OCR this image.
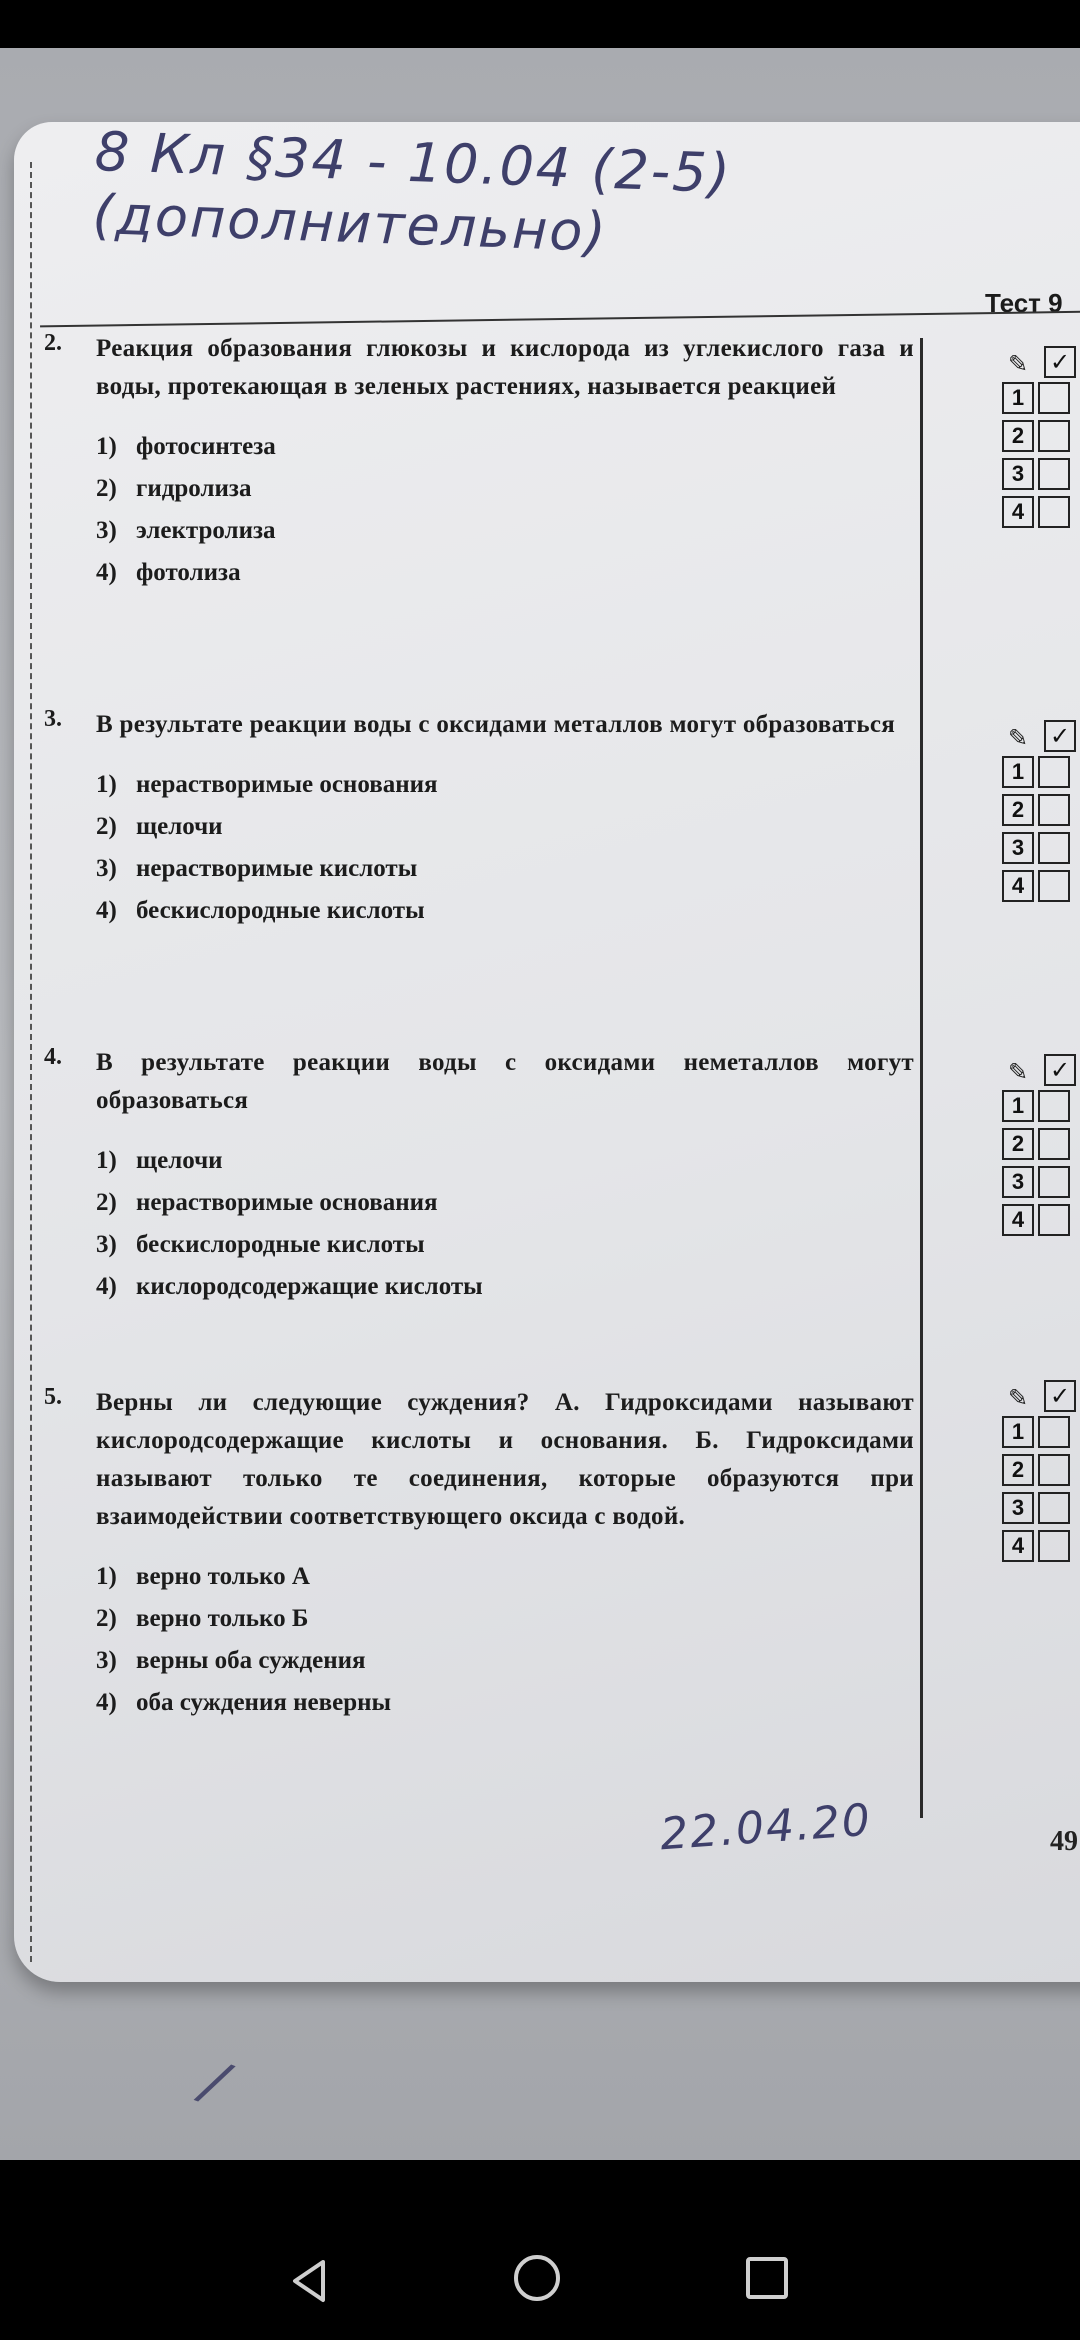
8 Кл §34 - 10.04 (2-5) (дополнительно)
Тест 9
2. Реакция образования глюкозы и кислорода из углекислого газа и воды, протекающая в зеленых растениях, называется реакцией
1) фотосинтеза
2) гидролиза
3) электролиза
4) фотолиза
3. В результате реакции воды с оксидами металлов могут образоваться
1) нерастворимые основания
2) щелочи
3) нерастворимые кислоты
4) бескислородные кислоты
4. В результате реакции воды с оксидами неметаллов могут образоваться
1) щелочи
2) нерастворимые основания
3) бескислородные кислоты
4) кислородсодержащие кислоты
5. Верны ли следующие суждения? А. Гидроксидами называют кислородсодержащие кислоты и основания. Б. Гидроксидами называют только те соединения, которые образуются при взаимодействии соответствующего оксида с водой.
1) верно только А
2) верно только Б
3) верны оба суждения
4) оба суждения неверны
✎ ✓
1
2
3
4
✎ ✓
1
2
3
4
✎ ✓
1
2
3
4
✎ ✓
1
2
3
4
49
22.04.20
/
